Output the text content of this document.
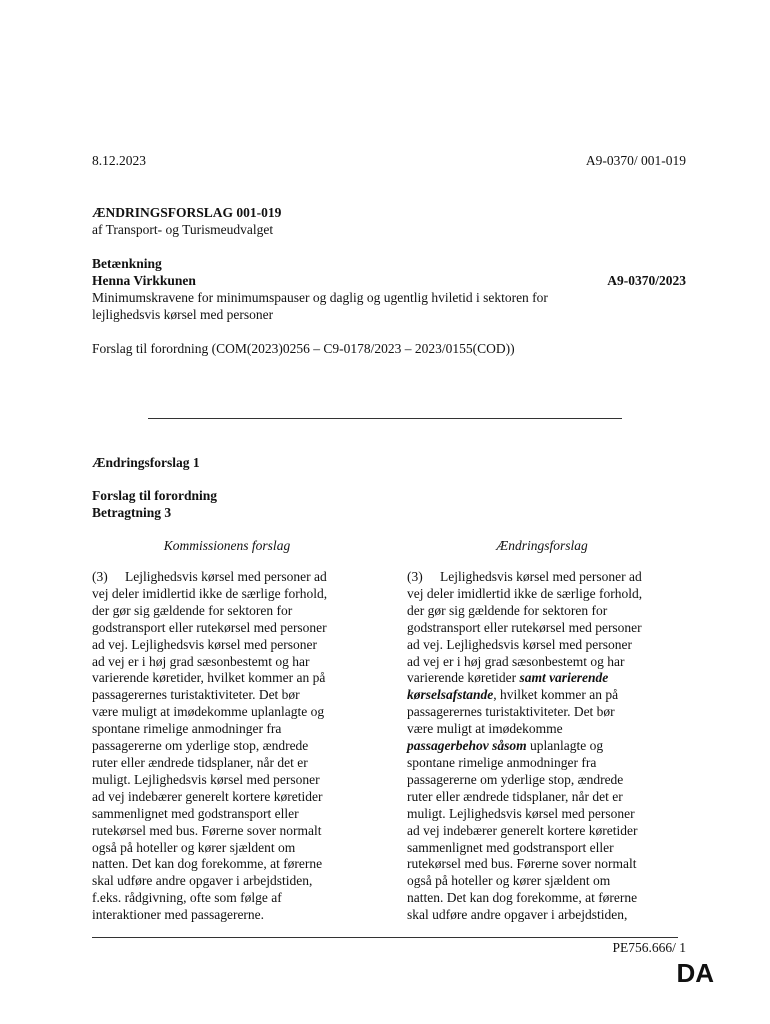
8.12.2023	A9-0370/ 001-019
ÆNDRINGSFORSLAG 001-019
af Transport- og Turismeudvalget
Betænkning
Henna Virkkunen	A9-0370/2023
Minimumskravene for minimumspauser og daglig og ugentlig hviletid i sektoren for
lejlighedsvis kørsel med personer
Forslag til forordning (COM(2023)0256 – C9-0178/2023 – 2023/0155(COD))
Ændringsforslag 1
Forslag til forordning
Betragtning 3
Kommissionens forslag	Ændringsforslag
(3) Lejlighedsvis kørsel med personer ad
vej deler imidlertid ikke de særlige forhold,
der gør sig gældende for sektoren for
godstransport eller rutekørsel med personer
ad vej. Lejlighedsvis kørsel med personer
ad vej er i høj grad sæsonbestemt og har
varierende køretider, hvilket kommer an på
passagerernes turistaktiviteter. Det bør
være muligt at imødekomme uplanlagte og
spontane rimelige anmodninger fra
passagererne om yderlige stop, ændrede
ruter eller ændrede tidsplaner, når det er
muligt. Lejlighedsvis kørsel med personer
ad vej indebærer generelt kortere køretider
sammenlignet med godstransport eller
rutekørsel med bus. Førerne sover normalt
også på hoteller og kører sjældent om
natten. Det kan dog forekomme, at førerne
skal udføre andre opgaver i arbejdstiden,
f.eks. rådgivning, ofte som følge af
interaktioner med passagererne.
(3) Lejlighedsvis kørsel med personer ad
vej deler imidlertid ikke de særlige forhold,
der gør sig gældende for sektoren for
godstransport eller rutekørsel med personer
ad vej. Lejlighedsvis kørsel med personer
ad vej er i høj grad sæsonbestemt og har
varierende køretider samt varierende
kørselsafstande, hvilket kommer an på
passagerernes turistaktiviteter. Det bør
være muligt at imødekomme
passagerbehov såsom uplanlagte og
spontane rimelige anmodninger fra
passagererne om yderlige stop, ændrede
ruter eller ændrede tidsplaner, når det er
muligt. Lejlighedsvis kørsel med personer
ad vej indebærer generelt kortere køretider
sammenlignet med godstransport eller
rutekørsel med bus. Førerne sover normalt
også på hoteller og kører sjældent om
natten. Det kan dog forekomme, at førerne
skal udføre andre opgaver i arbejdstiden,
PE756.666/ 1
DA
